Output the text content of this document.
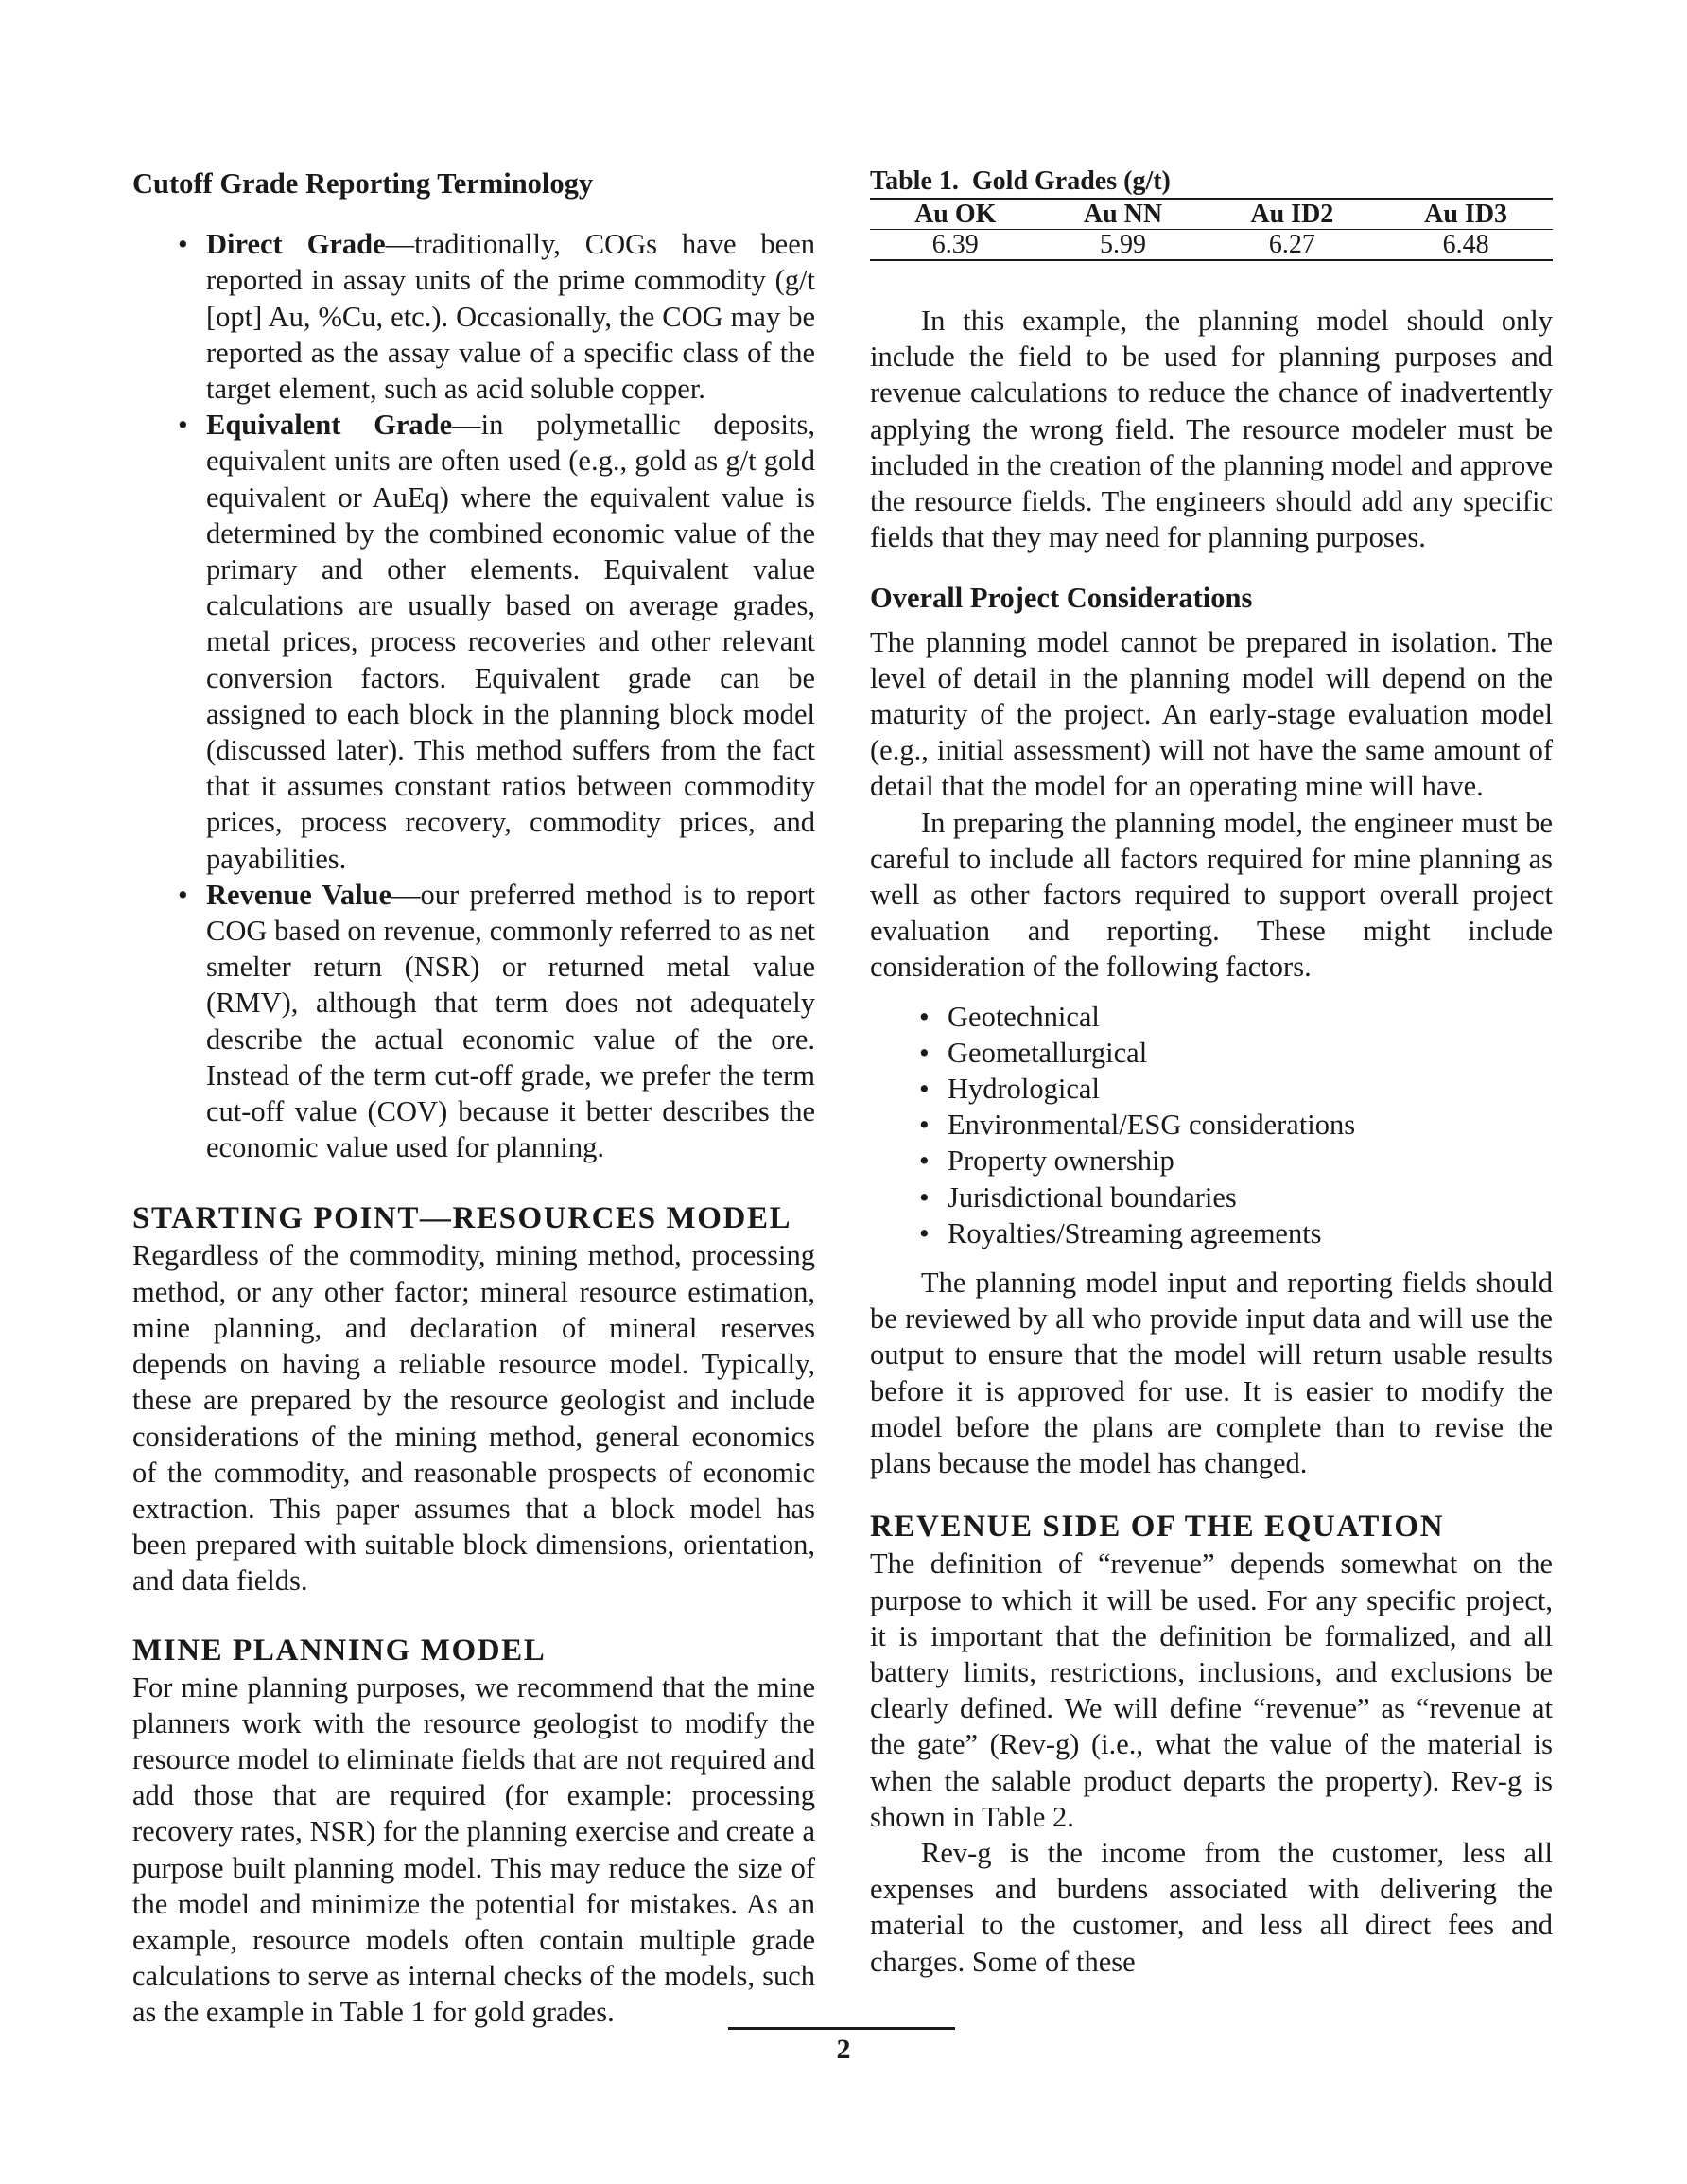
Cutoff Grade Reporting Terminology
• Direct Grade—traditionally, COGs have been reported in assay units of the prime commodity (g/t [opt] Au, %Cu, etc.). Occasionally, the COG may be reported as the assay value of a specific class of the target element, such as acid soluble copper.
• Equivalent Grade—in polymetallic deposits, equivalent units are often used (e.g., gold as g/t gold equivalent or AuEq) where the equivalent value is determined by the combined economic value of the primary and other elements. Equivalent value calculations are usually based on average grades, metal prices, process recoveries and other relevant conversion factors. Equivalent grade can be assigned to each block in the planning block model (discussed later). This method suffers from the fact that it assumes constant ratios between commodity prices, process recovery, commodity prices, and payabilities.
• Revenue Value—our preferred method is to report COG based on revenue, commonly referred to as net smelter return (NSR) or returned metal value (RMV), although that term does not adequately describe the actual economic value of the ore. Instead of the term cut-off grade, we prefer the term cut-off value (COV) because it better describes the economic value used for planning.
STARTING POINT—RESOURCES MODEL

Regardless of the commodity, mining method, processing method, or any other factor; mineral resource estimation, mine planning, and declaration of mineral reserves depends on having a reliable resource model. Typically, these are prepared by the resource geologist and include considerations of the mining method, general economics of the commodity, and reasonable prospects of economic extraction. This paper assumes that a block model has been prepared with suitable block dimensions, orientation, and data fields.

MINE PLANNING MODEL

For mine planning purposes, we recommend that the mine planners work with the resource geologist to modify the resource model to eliminate fields that are not required and add those that are required (for example: processing recovery rates, NSR) for the planning exercise and create a purpose built planning model. This may reduce the size of the model and minimize the potential for mistakes. As an example, resource models often contain multiple grade calculations to serve as internal checks of the models, such as the example in Table 1 for gold grades.

Table 1.  Gold Grades (g/t)
Au OK	Au NN	Au ID2	Au ID3
6.39	5.99	6.27	6.48

In this example, the planning model should only include the field to be used for planning purposes and revenue calculations to reduce the chance of inadvertently applying the wrong field. The resource modeler must be included in the creation of the planning model and approve the resource fields. The engineers should add any specific fields that they may need for planning purposes.

Overall Project Considerations

The planning model cannot be prepared in isolation. The level of detail in the planning model will depend on the maturity of the project. An early-stage evaluation model (e.g., initial assessment) will not have the same amount of detail that the model for an operating mine will have.

In preparing the planning model, the engineer must be careful to include all factors required for mine planning as well as other factors required to support overall project evaluation and reporting. These might include consideration of the following factors.

• Geotechnical
• Geometallurgical
• Hydrological
• Environmental/ESG considerations
• Property ownership
• Jurisdictional boundaries
• Royalties/Streaming agreements

The planning model input and reporting fields should be reviewed by all who provide input data and will use the output to ensure that the model will return usable results before it is approved for use. It is easier to modify the model before the plans are complete than to revise the plans because the model has changed.

REVENUE SIDE OF THE EQUATION

The definition of “revenue” depends somewhat on the purpose to which it will be used. For any specific project, it is important that the definition be formalized, and all battery limits, restrictions, inclusions, and exclusions be clearly defined. We will define “revenue” as “revenue at the gate” (Rev-g) (i.e., what the value of the material is when the salable product departs the property). Rev-g is shown in Table 2.

Rev-g is the income from the customer, less all expenses and burdens associated with delivering the material to the customer, and less all direct fees and charges. Some of these

2
